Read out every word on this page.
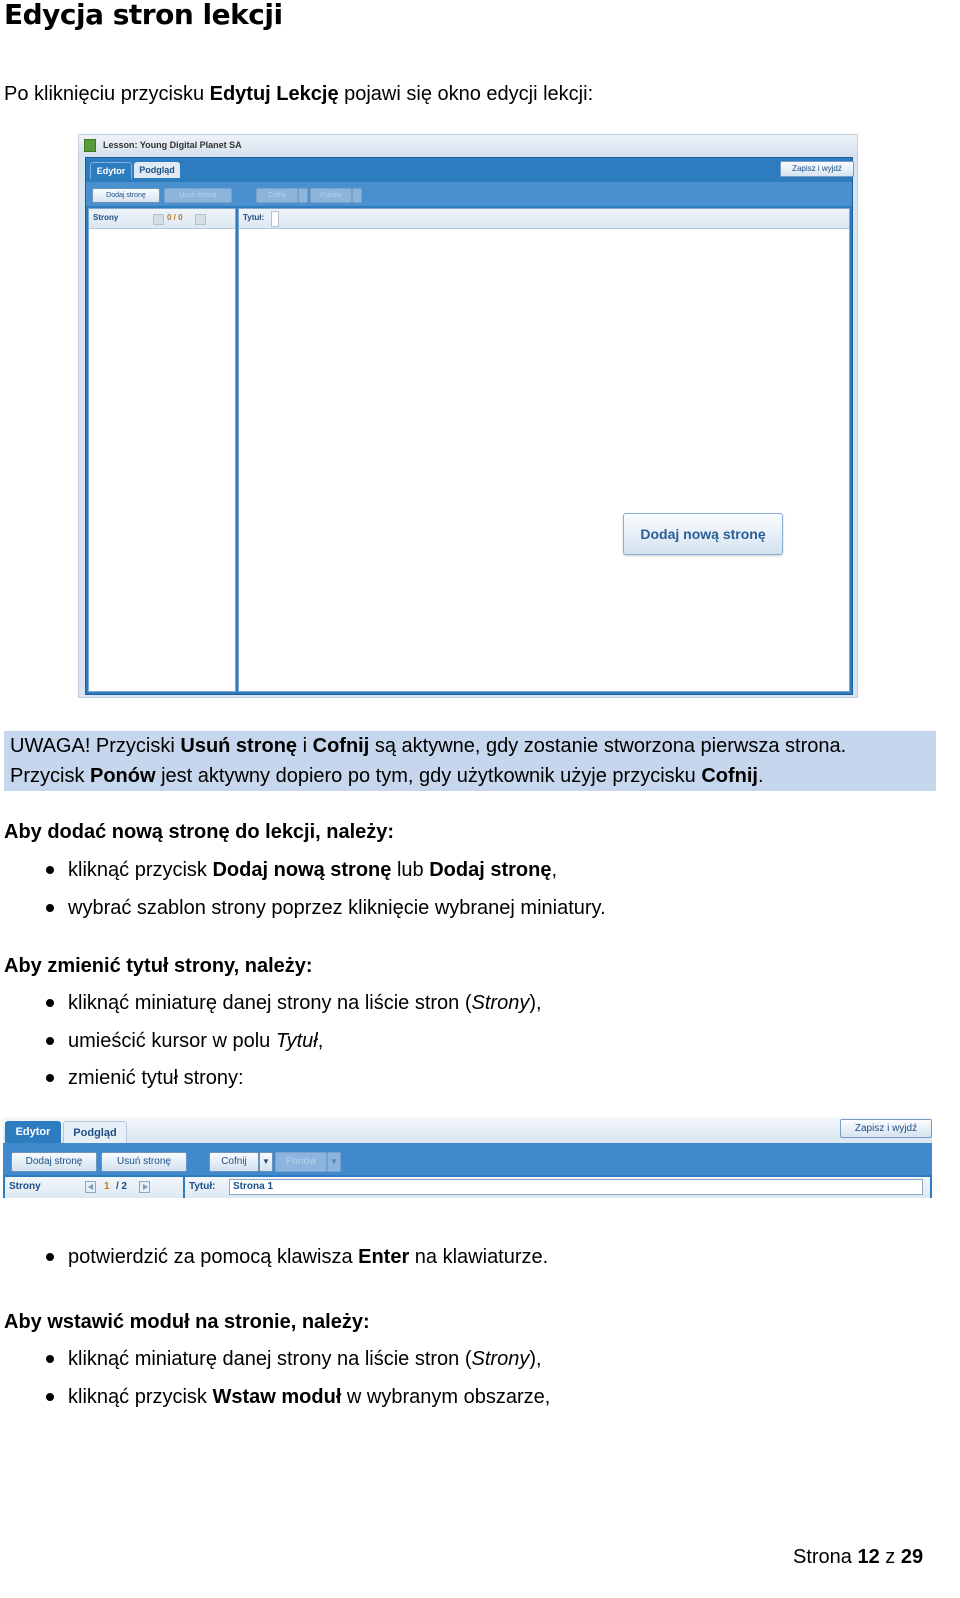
Edycja stron lekcji
Po kliknięciu przycisku Edytuj Lekcję pojawi się okno edycji lekcji:
Lesson: Young Digital Planet SA
Edytor	Podgląd	Zapisz i wyjdź
Dodaj stronę	Usuń stronę	Cofnij	Ponów
Strony	0 / 0	Tytuł:
Dodaj nową stronę
UWAGA! Przyciski Usuń stronę i Cofnij są aktywne, gdy zostanie stworzona pierwsza strona.
Przycisk Ponów jest aktywny dopiero po tym, gdy użytkownik użyje przycisku Cofnij.
Aby dodać nową stronę do lekcji, należy:
kliknąć przycisk Dodaj nową stronę lub Dodaj stronę,
wybrać szablon strony poprzez kliknięcie wybranej miniatury.
Aby zmienić tytuł strony, należy:
kliknąć miniaturę danej strony na liście stron (Strony),
umieścić kursor w polu Tytuł,
zmienić tytuł strony:
Edytor	Podgląd	Zapisz i wyjdź
Dodaj stronę	Usuń stronę	Cofnij	▼	Ponów	▼
Strony	1 / 2	Tytuł:	Strona 1
potwierdzić za pomocą klawisza Enter na klawiaturze.
Aby wstawić moduł na stronie, należy:
kliknąć miniaturę danej strony na liście stron (Strony),
kliknąć przycisk Wstaw moduł w wybranym obszarze,
Strona 12 z 29
